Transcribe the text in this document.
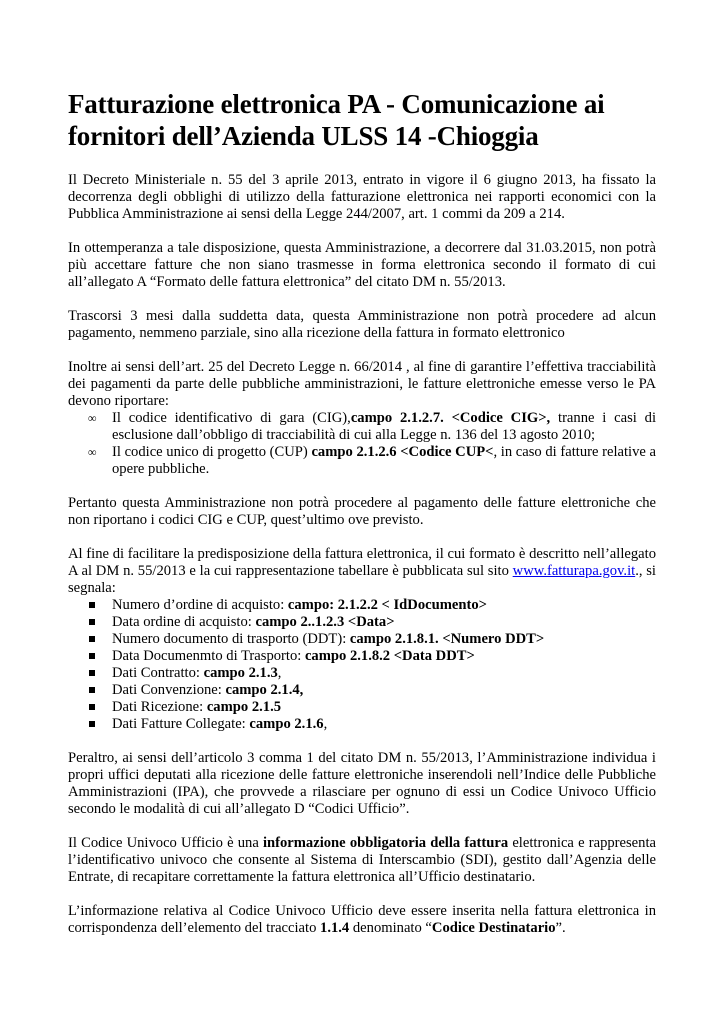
Fatturazione elettronica PA - Comunicazione ai fornitori dell’Azienda ULSS 14 -Chioggia

Il Decreto Ministeriale n. 55 del 3 aprile 2013, entrato in vigore il 6 giugno 2013, ha fissato la decorrenza degli obblighi di utilizzo della fatturazione elettronica nei rapporti economici con la Pubblica Amministrazione ai sensi della Legge 244/2007, art. 1 commi da 209 a 214.

In ottemperanza a tale disposizione, questa Amministrazione, a decorrere dal 31.03.2015, non potrà più accettare fatture che non siano trasmesse in forma elettronica secondo il formato di cui all’allegato A “Formato delle fattura elettronica” del citato DM n. 55/2013.

Trascorsi 3 mesi dalla suddetta data, questa Amministrazione non potrà procedere ad alcun pagamento, nemmeno parziale, sino alla ricezione della fattura in formato elettronico

Inoltre ai sensi dell’art. 25 del Decreto Legge n. 66/2014 , al fine di garantire l’effettiva tracciabilità dei pagamenti da parte delle pubbliche amministrazioni, le fatture elettroniche emesse verso le PA devono riportare:

∞ Il codice identificativo di gara (CIG),campo 2.1.2.7. <Codice CIG>, tranne i casi di esclusione dall’obbligo di tracciabilità di cui alla Legge n. 136 del 13 agosto 2010;
∞ Il codice unico di progetto (CUP) campo 2.1.2.6 <Codice CUP<, in caso di fatture relative a opere pubbliche.

Pertanto questa Amministrazione non potrà procedere al pagamento delle fatture elettroniche che non riportano i codici CIG e CUP, quest’ultimo ove previsto.

Al fine di facilitare la predisposizione della fattura elettronica, il cui formato è descritto nell’allegato A al DM n. 55/2013 e la cui rappresentazione tabellare è pubblicata sul sito www.fatturapa.gov.it., si segnala:

Numero d’ordine di acquisto: campo: 2.1.2.2 < IdDocumento>
Data ordine di acquisto: campo 2..1.2.3 <Data>
Numero documento di trasporto (DDT): campo 2.1.8.1. <Numero DDT>
Data Documenmto di Trasporto: campo 2.1.8.2 <Data DDT>
Dati Contratto: campo 2.1.3,
Dati Convenzione: campo 2.1.4,
Dati Ricezione: campo 2.1.5
Dati Fatture Collegate: campo 2.1.6,

Peraltro, ai sensi dell’articolo 3 comma 1 del citato DM n. 55/2013, l’Amministrazione individua i propri uffici deputati alla ricezione delle fatture elettroniche inserendoli nell’Indice delle Pubbliche Amministrazioni (IPA), che provvede a rilasciare per ognuno di essi un Codice Univoco Ufficio secondo le modalità di cui all’allegato D “Codici Ufficio”.

Il Codice Univoco Ufficio è una informazione obbligatoria della fattura elettronica e rappresenta l’identificativo univoco che consente al Sistema di Interscambio (SDI), gestito dall’Agenzia delle Entrate, di recapitare correttamente la fattura elettronica all’Ufficio destinatario.

L’informazione relativa al Codice Univoco Ufficio deve essere inserita nella fattura elettronica in corrispondenza dell’elemento del tracciato 1.1.4 denominato “Codice Destinatario”.
